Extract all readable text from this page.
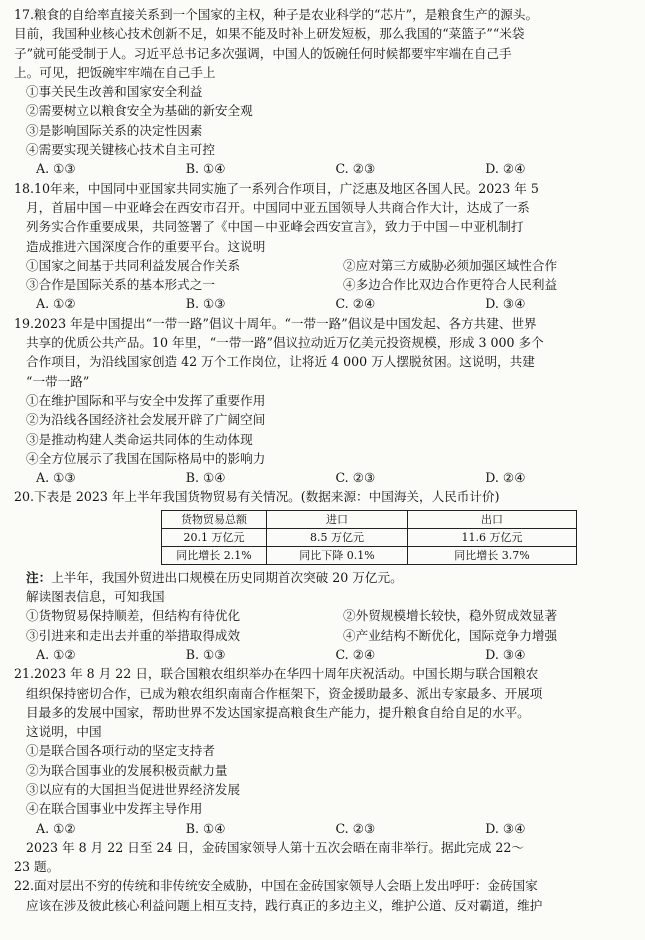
17.粮食的自给率直接关系到一个国家的主权，种子是农业科学的“芯片”，是粮食生产的源头。
目前，我国种业核心技术创新不足，如果不能及时补上研发短板，那么我国的“菜篮子”“米袋
子”就可能受制于人。习近平总书记多次强调，中国人的饭碗任何时候都要牢牢端在自己手
上。可见，把饭碗牢牢端在自己手上
①事关民生改善和国家安全利益
②需要树立以粮食安全为基础的新安全观
③是影响国际关系的决定性因素
④需要实现关键核心技术自主可控
A. ①③	B. ①④	C. ②③	D. ②④
18.10年来，中国同中亚国家共同实施了一系列合作项目，广泛惠及地区各国人民。2023 年 5
月，首届中国－中亚峰会在西安市召开。中国同中亚五国领导人共商合作大计，达成了一系
列务实合作重要成果，共同签署了《中国－中亚峰会西安宣言》，致力于中国－中亚机制打
造成推进六国深度合作的重要平台。这说明
①国家之间基于共同利益发展合作关系	②应对第三方威胁必须加强区域性合作
③合作是国际关系的基本形式之一	④多边合作比双边合作更符合人民利益
A. ①②	B. ①③	C. ②④	D. ③④
19.2023 年是中国提出“一带一路”倡议十周年。“一带一路”倡议是中国发起、各方共建、世界
共享的优质公共产品。10 年里，“一带一路”倡议拉动近万亿美元投资规模，形成 3 000 多个
合作项目，为沿线国家创造 42 万个工作岗位，让将近 4 000 万人摆脱贫困。这说明，共建
“一带一路”
①在维护国际和平与安全中发挥了重要作用
②为沿线各国经济社会发展开辟了广阔空间
③是推动构建人类命运共同体的生动体现
④全方位展示了我国在国际格局中的影响力
A. ①③	B. ①④	C. ②③	D. ②④
20.下表是 2023 年上半年我国货物贸易有关情况。(数据来源：中国海关，人民币计价)
货物贸易总额	进口	出口
20.1 万亿元	8.5 万亿元	11.6 万亿元
同比增长 2.1%	同比下降 0.1%	同比增长 3.7%
注：上半年，我国外贸进出口规模在历史同期首次突破 20 万亿元。
解读图表信息，可知我国
①货物贸易保持顺差，但结构有待优化	②外贸规模增长较快，稳外贸成效显著
③引进来和走出去并重的举措取得成效	④产业结构不断优化，国际竞争力增强
A. ①②	B. ①③	C. ②④	D. ③④
21.2023 年 8 月 22 日，联合国粮农组织举办在华四十周年庆祝活动。中国长期与联合国粮农
组织保持密切合作，已成为粮农组织南南合作框架下，资金援助最多、派出专家最多、开展项
目最多的发展中国家，帮助世界不发达国家提高粮食生产能力，提升粮食自给自足的水平。
这说明，中国
①是联合国各项行动的坚定支持者
②为联合国事业的发展积极贡献力量
③以应有的大国担当促进世界经济发展
④在联合国事业中发挥主导作用
A. ①②	B. ①④	C. ②③	D. ③④
2023 年 8 月 22 日至 24 日，金砖国家领导人第十五次会晤在南非举行。据此完成 22～
23 题。
22.面对层出不穷的传统和非传统安全威胁，中国在金砖国家领导人会晤上发出呼吁：金砖国家
应该在涉及彼此核心利益问题上相互支持，践行真正的多边主义，维护公道、反对霸道，维护
